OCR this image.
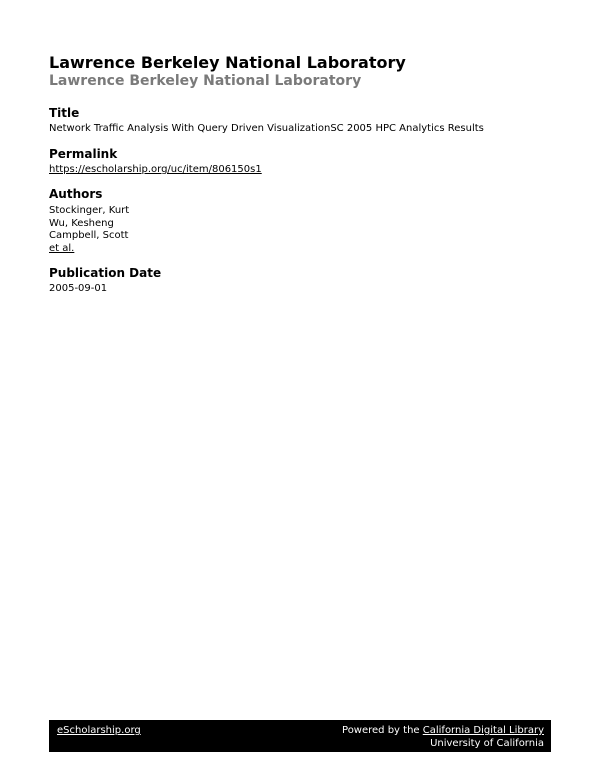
Lawrence Berkeley National Laboratory
Lawrence Berkeley National Laboratory
Title
Network Traffic Analysis With Query Driven VisualizationSC 2005 HPC Analytics Results
Permalink
https://escholarship.org/uc/item/806150s1
Authors
Stockinger, Kurt
Wu, Kesheng
Campbell, Scott
et al.
Publication Date
2005-09-01
eScholarship.org	Powered by the California Digital Library
University of California
